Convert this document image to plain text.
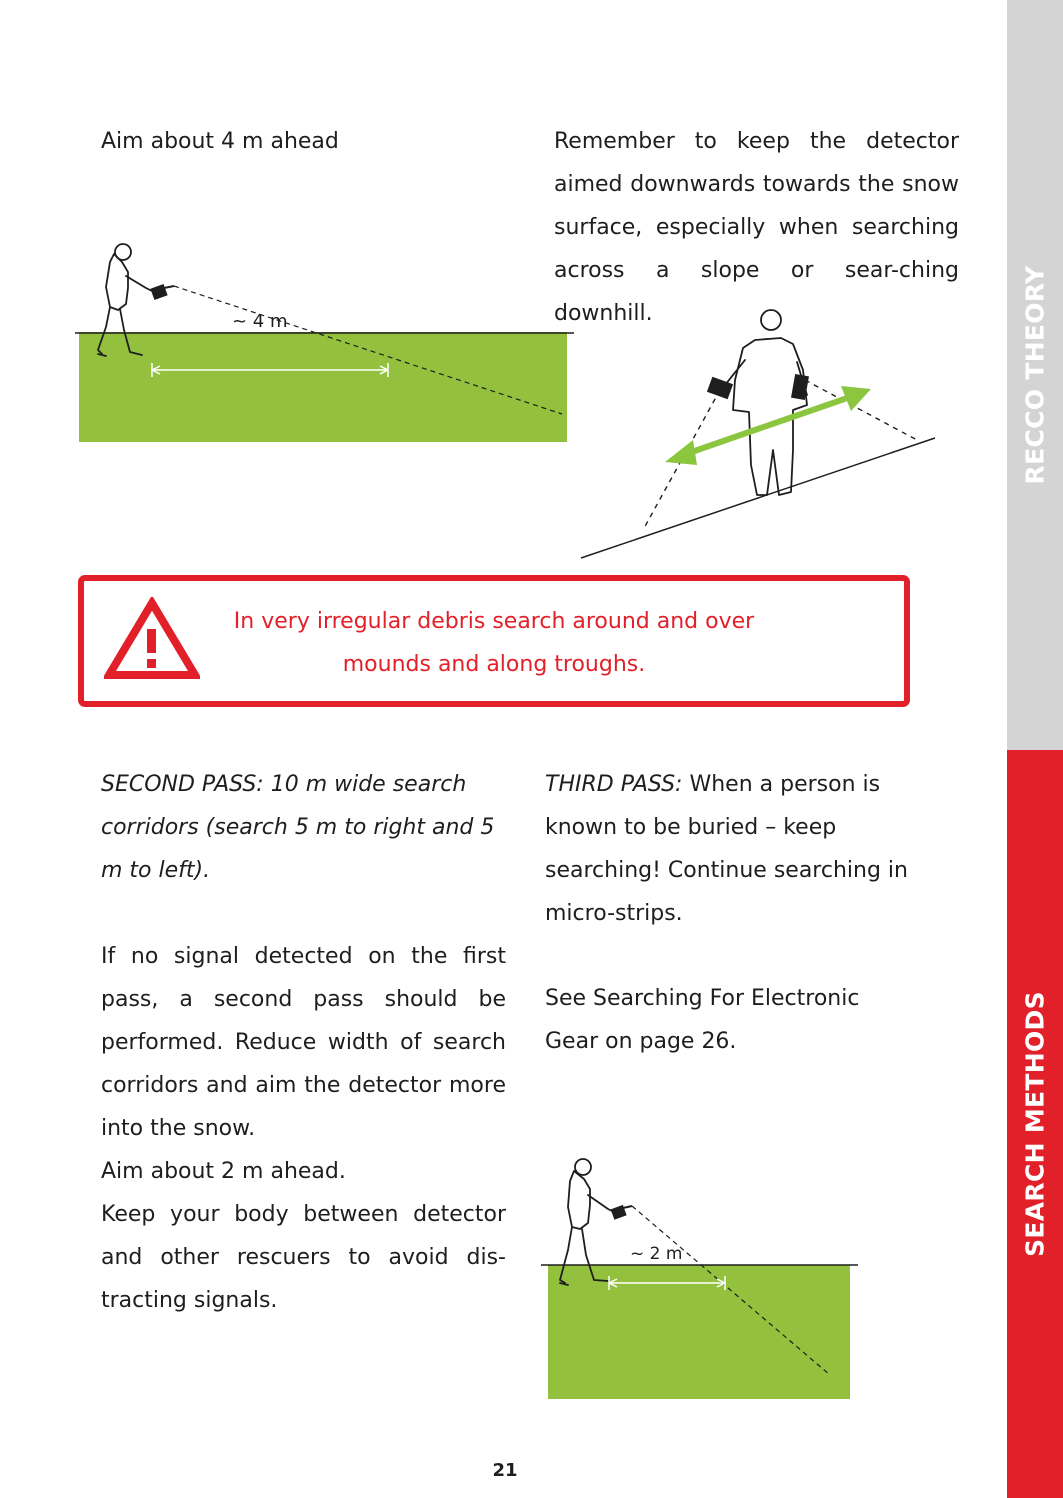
RECCO THEORY
SEARCH METHODS
Aim about 4 m ahead	Remember to keep the detector aimed downwards towards the snow surface, especially when searching across a slope or sear-ching downhill.
~ 4 m
In very irregular debris search around and over
mounds and along troughs.
SECOND PASS: 10 m wide search corridors (search 5 m to right and 5 m to left).
If no signal detected on the first pass, a second pass should be performed. Reduce width of search corridors and aim the detector more into the snow.
Aim about 2 m ahead.
Keep your body between detector and other rescuers to avoid dis-tracting signals.
THIRD PASS: When a person is known to be buried – keep searching! Continue searching in micro-strips.
See Searching For Electronic Gear on page 26.
~ 2 m
21
